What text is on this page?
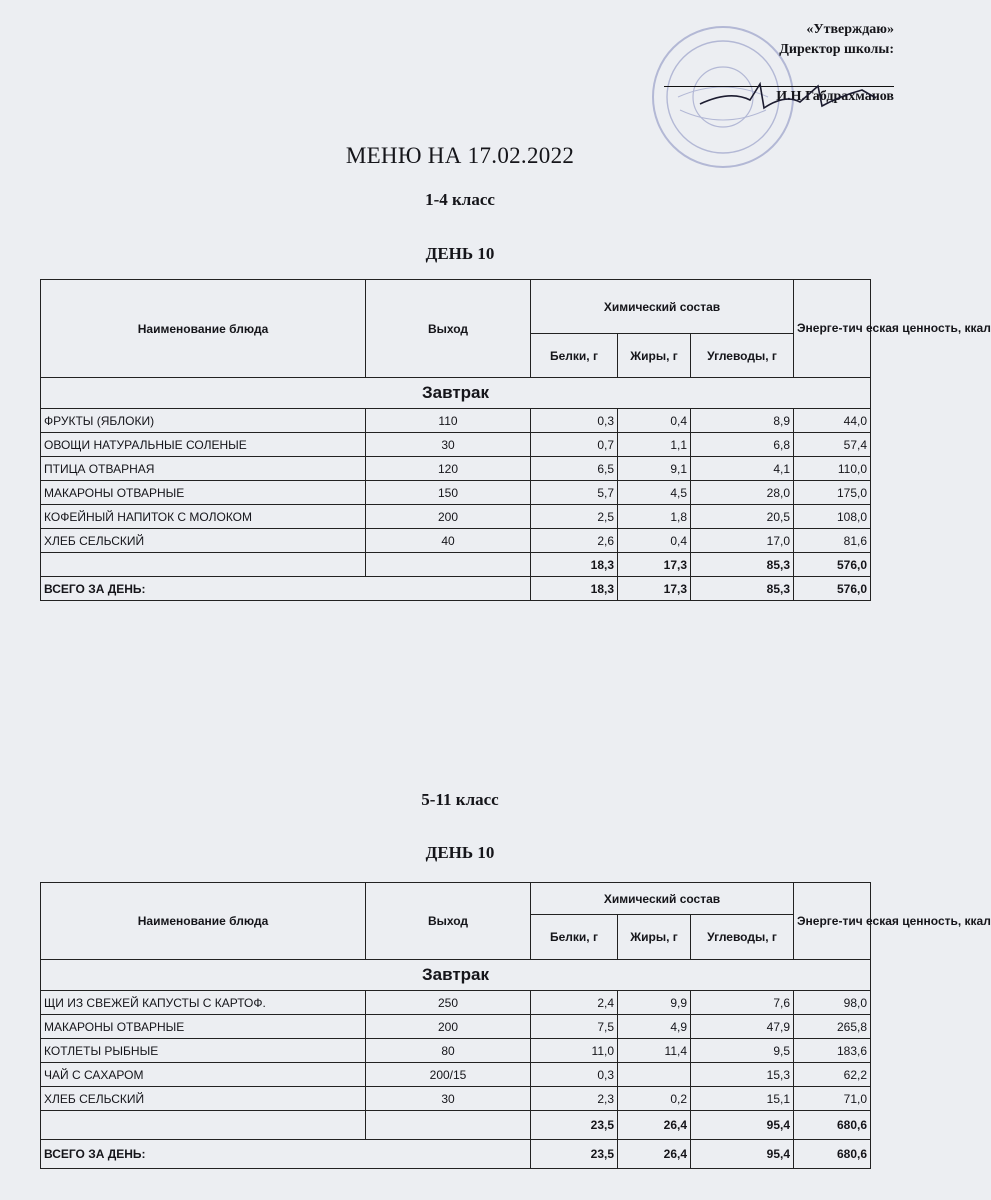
«Утверждаю»
Директор школы:
И.Н.Габдрахманов
МЕНЮ НА 17.02.2022
1-4 класс
ДЕНЬ 10
Наименование блюда	Выход	Химический состав			Энерге-тич еская ценность, ккал
		Белки, г	Жиры, г	Углеводы, г	
Завтрак					
ФРУКТЫ (ЯБЛОКИ)	110	0,3	0,4	8,9	44,0
ОВОЩИ НАТУРАЛЬНЫЕ СОЛЕНЫЕ	30	0,7	1,1	6,8	57,4
ПТИЦА ОТВАРНАЯ	120	6,5	9,1	4,1	110,0
МАКАРОНЫ ОТВАРНЫЕ	150	5,7	4,5	28,0	175,0
КОФЕЙНЫЙ НАПИТОК С МОЛОКОМ	200	2,5	1,8	20,5	108,0
ХЛЕБ СЕЛЬСКИЙ	40	2,6	0,4	17,0	81,6
		18,3	17,3	85,3	576,0
ВСЕГО ЗА ДЕНЬ:		18,3	17,3	85,3	576,0
5-11 класс
ДЕНЬ 10
Наименование блюда	Выход	Химический состав			Энерге-тич еская ценность, ккал
		Белки, г	Жиры, г	Углеводы, г	
Завтрак					
ЩИ ИЗ СВЕЖЕЙ КАПУСТЫ С КАРТОФ.	250	2,4	9,9	7,6	98,0
МАКАРОНЫ ОТВАРНЫЕ	200	7,5	4,9	47,9	265,8
КОТЛЕТЫ РЫБНЫЕ	80	11,0	11,4	9,5	183,6
ЧАЙ С САХАРОМ	200/15	0,3		15,3	62,2
ХЛЕБ СЕЛЬСКИЙ	30	2,3	0,2	15,1	71,0
		23,5	26,4	95,4	680,6
ВСЕГО ЗА ДЕНЬ:		23,5	26,4	95,4	680,6
